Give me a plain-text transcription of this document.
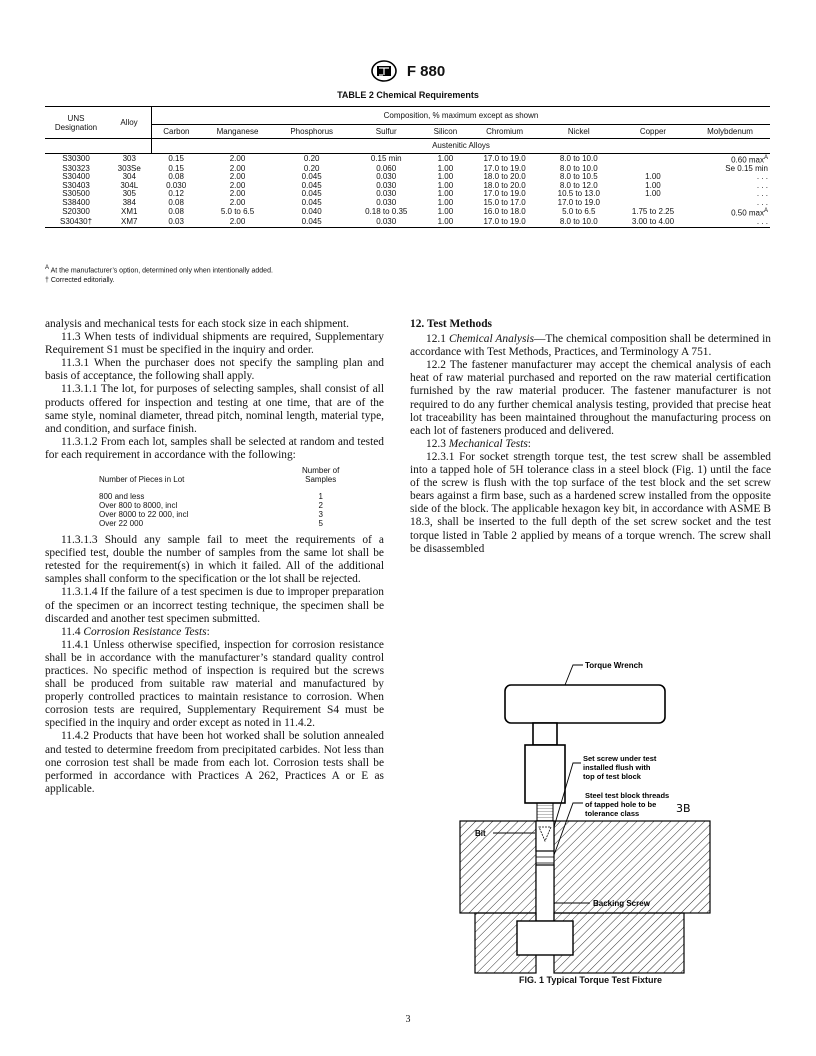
F 880
TABLE 2 Chemical Requirements
UNS Designation	Alloy	Composition, % maximum except as shown								
		Carbon	Manganese	Phosphorus	Sulfur	Silicon	Chromium	Nickel	Copper	Molybdenum
		Austenitic Alloys								
S30300	303	0.15	2.00	0.20	0.15 min	1.00	17.0 to 19.0	8.0 to 10.0		0.60 $\max^A$
S30323	303Se	0.15	2.00	0.20	0.060	1.00	17.0 to 19.0	8.0 to 10.0		Se 0.15 min
S30400	304	0.08	2.00	0.045	0.030	1.00	18.0 to 20.0	8.0 to 10.5	1.00	. . .
S30403	304L	0.030	2.00	0.045	0.030	1.00	18.0 to 20.0	8.0 to 12.0	1.00	. . .
S30500	305	0.12	2.00	0.045	0.030	1.00	17.0 to 19.0	10.5 to 13.0	1.00	. . .
S38400	384	0.08	2.00	0.045	0.030	1.00	15.0 to 17.0	17.0 to 19.0		. . .
S20300	XM1	0.08	5.0 to 6.5	0.040	0.18 to 0.35	1.00	16.0 to 18.0	5.0 to 6.5	1.75 to 2.25	0.50 $\max^A$
S30430†	XM7	0.03	2.00	0.045	0.030	1.00	17.0 to 19.0	8.0 to 10.0	3.00 to 4.00	. . .
$^A$ At the manufacturer’s option, determined only when intentionally added.
† Corrected editorially.

analysis and mechanical tests for each stock size in each shipment.

11.3 When tests of individual shipments are required, Supplementary Requirement S1 must be specified in the inquiry and order.

11.3.1 When the purchaser does not specify the sampling plan and basis of acceptance, the following shall apply.

11.3.1.1 The lot, for purposes of selecting samples, shall consist of all products offered for inspection and testing at one time, that are of the same style, nominal diameter, thread pitch, nominal length, material type, and condition, and surface finish.

11.3.1.2 From each lot, samples shall be selected at random and tested for each requirement in accordance with the following:

Number of Pieces in Lot	Number of
Samples

800 and less	1
Over 800 to 8000, incl	2
Over 8000 to 22 000, incl	3
Over 22 000	5

11.3.1.3 Should any sample fail to meet the requirements of a specified test, double the number of samples from the same lot shall be retested for the requirement(s) in which it failed. All of the additional samples shall conform to the specification or the lot shall be rejected.

11.3.1.4 If the failure of a test specimen is due to improper preparation of the specimen or an incorrect testing technique, the specimen shall be discarded and another test specimen submitted.

11.4 Corrosion Resistance Tests:

11.4.1 Unless otherwise specified, inspection for corrosion resistance shall be in accordance with the manufacturer’s standard quality control practices. No specific method of inspection is required but the screws shall be produced from suitable raw material and manufactured by properly controlled practices to maintain resistance to corrosion. When corrosion tests are required, Supplementary Requirement S4 must be specified in the inquiry and order except as noted in 11.4.2.

11.4.2 Products that have been hot worked shall be solution annealed and tested to determine freedom from precipitated carbides. Not less than one corrosion test shall be made from each lot. Corrosion tests shall be performed in accordance with Practices A 262, Practices A or E as applicable.

12. Test Methods

12.1 Chemical Analysis—The chemical composition shall be determined in accordance with Test Methods, Practices, and Terminology A 751.

12.2 The fastener manufacturer may accept the chemical analysis of each heat of raw material purchased and reported on the raw material certification furnished by the raw material producer. The fastener manufacturer is not required to do any further chemical analysis testing, provided that precise heat lot traceability has been maintained throughout the manufacturing process on each lot of fasteners produced and delivered.

12.3 Mechanical Tests:

12.3.1 For socket strength torque test, the test screw shall be assembled into a tapped hole of 5H tolerance class in a steel block (Fig. 1) until the face of the screw is flush with the top surface of the test block and the set screw bears against a firm base, such as a hardened screw installed from the opposite side of the block. The applicable hexagon key bit, in accordance with ASME B 18.3, shall be inserted to the full depth of the set screw socket and the test torque listed in Table 2 applied by means of a torque wrench. The screw shall be disassembled

Torque Wrench
Set screw under test
installed flush with
top of test block
Steel test block threads
of tapped hole to be
tolerance class	3B
Bit
Backing Screw
FIG. 1 Typical Torque Test Fixture
3
